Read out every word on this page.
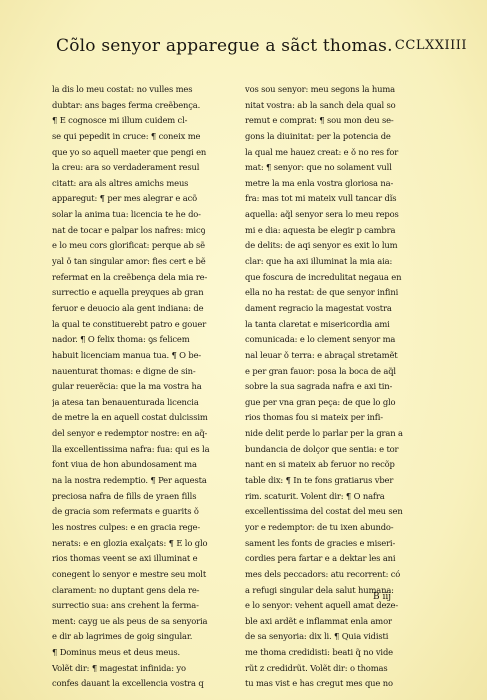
Cõlo senyor apparegue a sãct thomas. CCLXXIIII
la dis lo meu costat: no vulles mes
dubtar: ans bages ferma creẽbença.
¶ E cognosce mi illum cuidem cl-
se qui pepedit in cruce: ¶ coneix me
que yo so aquell maeter que pengi en
la creu: ara so verdaderament resul
citatt: ara als altres amichs meus
apparegut: ¶ per mes alegrar e acõ
solar la anima tua: licencia te he do-
nat de tocar e palpar los nafres: micꝯ
e lo meu cors glorificat: perque ab sẽ
yal ǒ tan singular amor: fies cert e bẽ
refermat en la creẽbença dela mia re-
surrectio e aquella preyques ab gran
feruor e deuocio ala gent indiana: de
la qual te constituerebt patro e gouer
nador. ¶ O felix thoma: ꝯs felicem
habuit licenciam manua tua. ¶ O be-
nauenturat thomas: e digne de sin-
gular reuerẽcia: que la ma vostra ha
ja atesa tan benauenturada licencia
de metre la en aquell costat dulcissim
del senyor e redemptor nostre: en aq̃-
lla excellentissima nafra: fua: qui es la
font viua de hon abundosament ma
na la nostra redemptio. ¶ Per aquesta
preciosa nafra de fills de yraen fills
de gracia som refermats e guarits ǒ
les nostres culpes: e en gracia rege-
nerats: e en glozia exalçats: ¶ E lo glo
rios thomas veent se axi illuminat e
conegent lo senyor e mestre seu molt
clarament: no duptant gens dela re-
surrectio sua: ans crehent la ferma-
ment: cayg ue als peus de sa senyoria
e dir ab lagrimes de goig singular.
¶ Dominus meus et deus meus.
Volẽt dir: ¶ magestat infinida: yo
confes dauant la excellencia vostra q
vos sou senyor: meu segons la huma
nitat vostra: ab la sanch dela qual so
remut e comprat: ¶ sou mon deu se-
gons la diuinitat: per la potencia de
la qual me hauez creat: e ǒ no res for
mat: ¶ senyor: que no solament vull
metre la ma enla vostra gloriosa na-
fra: mas tot mi mateix vull tancar dĩs
aquella: aq̃l senyor sera lo meu repos
mi e dia: aquesta be elegir p cambra
de delits: de aqi senyor es exit lo lum
clar: que ha axi illuminat la mia aia:
que foscura de incredulitat negaua en
ella no ha restat: de que senyor infini
dament regracio la magestat vostra
la tanta claretat e misericordia ami
comunicada: e lo clement senyor ma
nal leuar ǒ terra: e abraçal stretamẽt
e per gran fauor: posa la boca de aq̃l
sobre la sua sagrada nafra e axi tin-
gue per vna gran peça: de que lo glo
rios thomas fou si mateix per infi-
nide delit perde lo parlar per la gran a
bundancia de dolçor que sentia: e tor
nant en si mateix ab feruor no recõp
table dix: ¶ In te fons gratiarus vber
rim. scaturit. Volent dir: ¶ O nafra
excellentissima del costat del meu sen
yor e redemptor: de tu ixen abundo-
sament les fonts de gracies e miseri-
cordies pera fartar e a dektar les ani
mes dels peccadors: atu recorrent: có
a refugi singular dela salut humana:
e lo senyor: vehent aquell amat deze-
ble axi ardẽt e inflammat enla amor
de sa senyoria: dix li. ¶ Quia vidisti
me thoma credidisti: beati q̃ no vide
rũt z credidrũt. Volẽt dir: o thomas
tu mas vist e has cregut mes que no
B iij
